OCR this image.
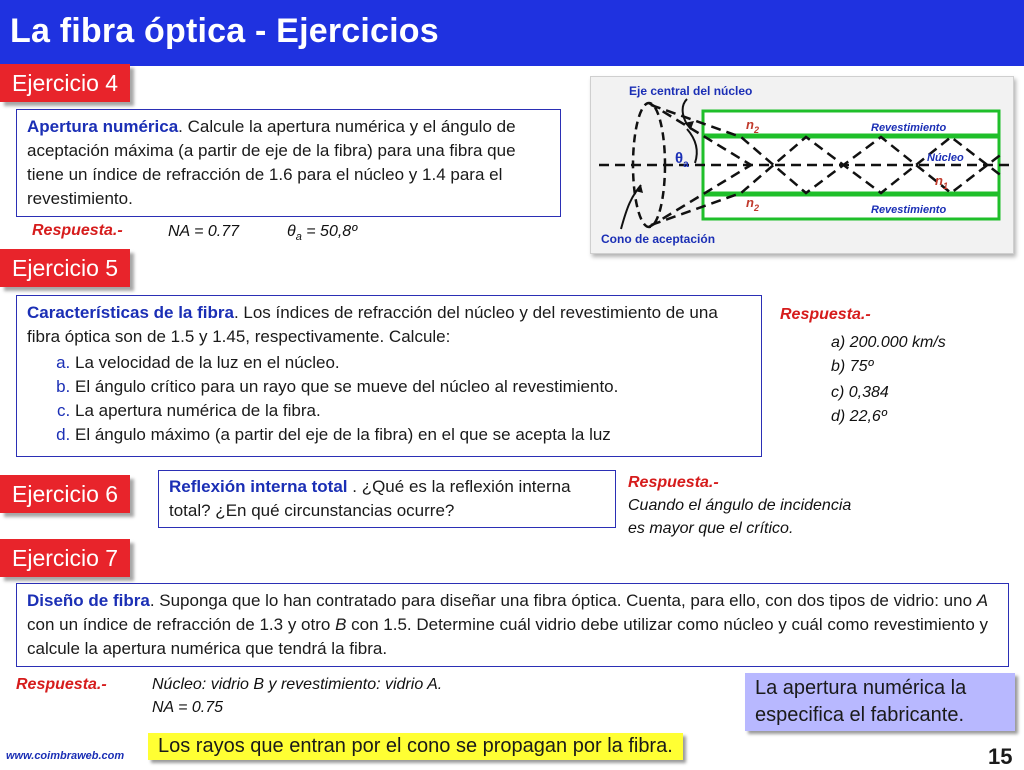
La fibra óptica - Ejercicios
Ejercicio 4
Apertura numérica. Calcule la apertura numérica y el ángulo de aceptación máxima (a partir de eje de la fibra) para una fibra que tiene un índice de refracción de 1.6 para el núcleo y 1.4 para el revestimiento.
Respuesta.-	NA = 0.77	$\theta_a$ = 50,8º
Eje central del núcleo
$n_2$	Revestimiento
Núcleo
$n_1$
$\theta_a$
$n_2$	Revestimiento
Cono de aceptación
Ejercicio 5
Características de la fibra. Los índices de refracción del núcleo y del revestimiento de una fibra óptica son de 1.5 y 1.45, respectivamente. Calcule:
a. La velocidad de la luz en el núcleo.
b. El ángulo crítico para un rayo que se mueve del núcleo al revestimiento.
c. La apertura numérica de la fibra.
d. El ángulo máximo (a partir del eje de la fibra) en el que se acepta la luz
Respuesta.-
a) 200.000 km/s
b) 75º
c) 0,384
d) 22,6º
Ejercicio 6	Reflexión interna total . ¿Qué es la reflexión interna total? ¿En qué circunstancias ocurre?
Respuesta.-
Cuando el ángulo de incidencia
es mayor que el crítico.
Ejercicio 7
Diseño de fibra. Suponga que lo han contratado para diseñar una fibra óptica. Cuenta, para ello, con dos tipos de vidrio: uno A con un índice de refracción de 1.3 y otro B con 1.5. Determine cuál vidrio debe utilizar como núcleo y cuál como revestimiento y calcule la apertura numérica que tendrá la fibra.
Respuesta.-	Núcleo: vidrio B y revestimiento: vidrio A.
NA = 0.75
La apertura numérica la especifica el fabricante.
Los rayos que entran por el cono se propagan por la fibra.
www.coimbraweb.com	15
